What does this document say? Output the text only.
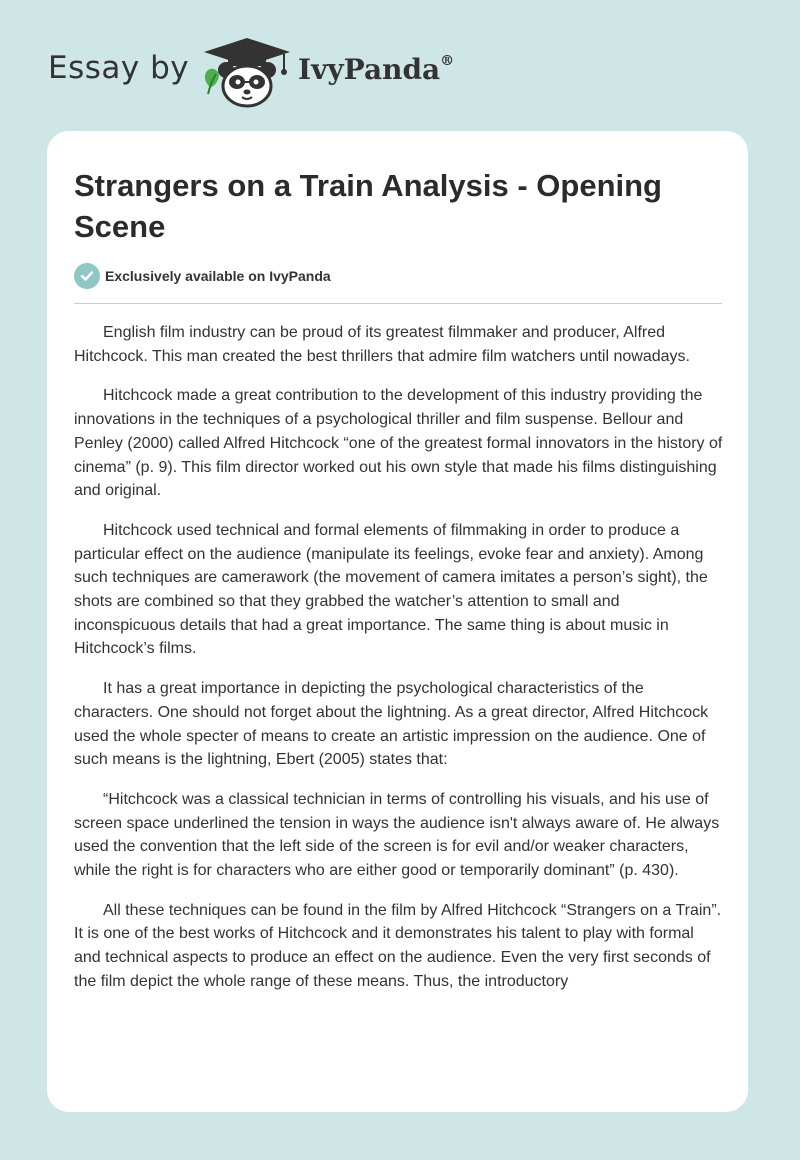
Essay by	IvyPanda®
Strangers on a Train Analysis - Opening Scene
Exclusively available on IvyPanda

English film industry can be proud of its greatest filmmaker and producer, Alfred Hitchcock. This man created the best thrillers that admire film watchers until nowadays.

Hitchcock made a great contribution to the development of this industry providing the innovations in the techniques of a psychological thriller and film suspense. Bellour and Penley (2000) called Alfred Hitchcock “one of the greatest formal innovators in the history of cinema” (p. 9). This film director worked out his own style that made his films distinguishing and original.

Hitchcock used technical and formal elements of filmmaking in order to produce a particular effect on the audience (manipulate its feelings, evoke fear and anxiety). Among such techniques are camerawork (the movement of camera imitates a person’s sight), the shots are combined so that they grabbed the watcher’s attention to small and inconspicuous details that had a great importance. The same thing is about music in Hitchcock’s films.

It has a great importance in depicting the psychological characteristics of the characters. One should not forget about the lightning. As a great director, Alfred Hitchcock used the whole specter of means to create an artistic impression on the audience. One of such means is the lightning, Ebert (2005) states that:

“Hitchcock was a classical technician in terms of controlling his visuals, and his use of screen space underlined the tension in ways the audience isn't always aware of. He always used the convention that the left side of the screen is for evil and/or weaker characters, while the right is for characters who are either good or temporarily dominant” (p. 430).

All these techniques can be found in the film by Alfred Hitchcock “Strangers on a Train”. It is one of the best works of Hitchcock and it demonstrates his talent to play with formal and technical aspects to produce an effect on the audience. Even the very first seconds of the film depict the whole range of these means. Thus, the introductory
